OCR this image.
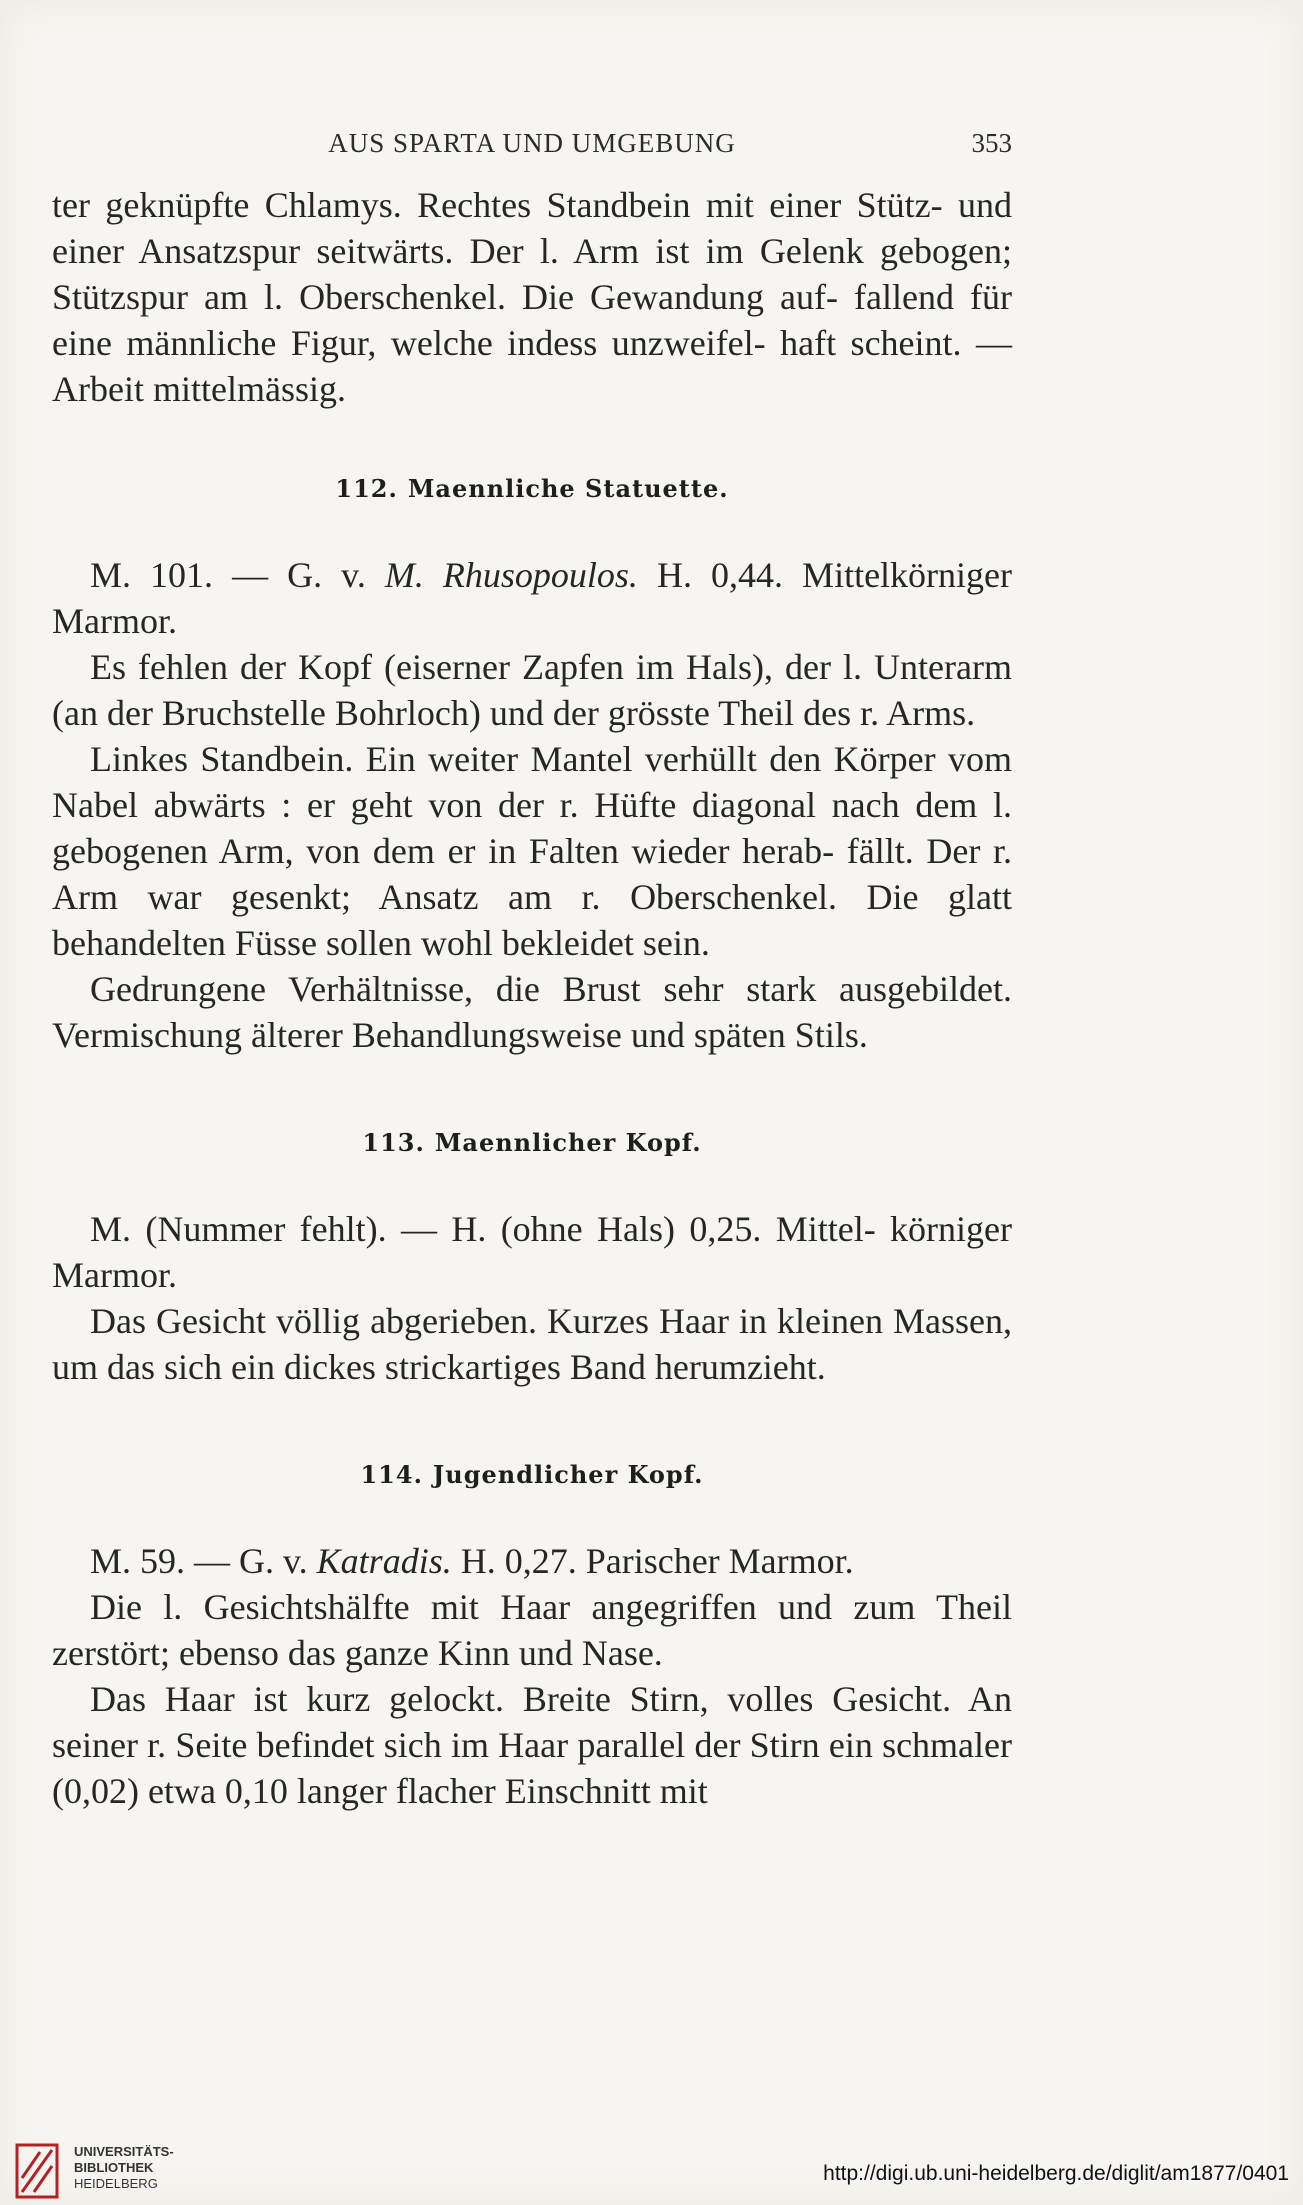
AUS SPARTA UND UMGEBUNG	353

ter geknüpfte Chlamys. Rechtes Standbein mit einer Stütz- und einer Ansatzspur seitwärts. Der l. Arm ist im Gelenk gebogen; Stützspur am l. Oberschenkel. Die Gewandung auf- fallend für eine männliche Figur, welche indess unzweifel- haft scheint. —Arbeit mittelmässig.

112. Maennliche Statuette.

M. 101. — G. v. M. Rhusopoulos. H. 0,44. Mittelkörniger Marmor.

Es fehlen der Kopf (eiserner Zapfen im Hals), der l. Unterarm (an der Bruchstelle Bohrloch) und der grösste Theil des r. Arms.

Linkes Standbein. Ein weiter Mantel verhüllt den Körper vom Nabel abwärts : er geht von der r. Hüfte diagonal nach dem l. gebogenen Arm, von dem er in Falten wieder herab- fällt. Der r. Arm war gesenkt; Ansatz am r. Oberschenkel. Die glatt behandelten Füsse sollen wohl bekleidet sein.

Gedrungene Verhältnisse, die Brust sehr stark ausgebildet. Vermischung älterer Behandlungsweise und späten Stils.

113. Maennlicher Kopf.

M. (Nummer fehlt). — H. (ohne Hals) 0,25. Mittel- körniger Marmor.

Das Gesicht völlig abgerieben. Kurzes Haar in kleinen Massen, um das sich ein dickes strickartiges Band herumzieht.

114. Jugendlicher Kopf.

M. 59. — G. v. Katradis. H. 0,27. Parischer Marmor.

Die l. Gesichtshälfte mit Haar angegriffen und zum Theil zerstört; ebenso das ganze Kinn und Nase.

Das Haar ist kurz gelockt. Breite Stirn, volles Gesicht. An seiner r. Seite befindet sich im Haar parallel der Stirn ein schmaler (0,02) etwa 0,10 langer flacher Einschnitt mit

UNIVERSITÄTS-
BIBLIOTHEK
HEIDELBERG	http://digi.ub.uni-heidelberg.de/diglit/am1877/0401
